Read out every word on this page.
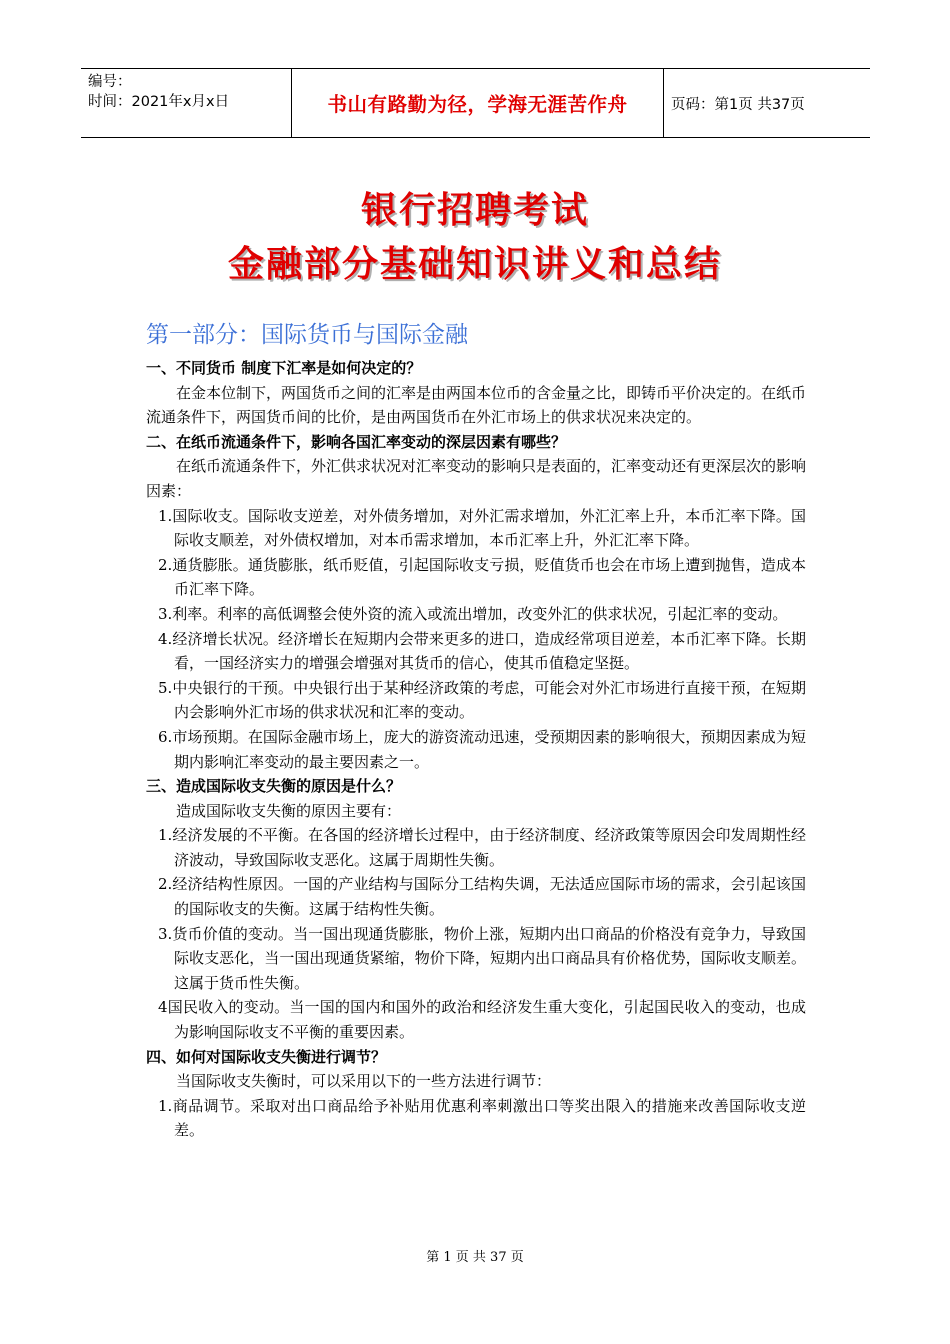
编号：
时间：2021年x月x日	书山有路勤为径，学海无涯苦作舟	页码：第1页 共37页
银行招聘考试
金融部分基础知识讲义和总结
第一部分：国际货币与国际金融

一、不同货币 制度下汇率是如何决定的？

在金本位制下，两国货币之间的汇率是由两国本位币的含金量之比，即铸币平价决定的。在纸币流通条件下，两国货币间的比价，是由两国货币在外汇市场上的供求状况来决定的。

二、在纸币流通条件下，影响各国汇率变动的深层因素有哪些？

在纸币流通条件下，外汇供求状况对汇率变动的影响只是表面的，汇率变动还有更深层次的影响因素：

1.国际收支。国际收支逆差，对外债务增加，对外汇需求增加，外汇汇率上升，本币汇率下降。国际收支顺差，对外债权增加，对本币需求增加，本币汇率上升，外汇汇率下降。

2.通货膨胀。通货膨胀，纸币贬值，引起国际收支亏损，贬值货币也会在市场上遭到抛售，造成本币汇率下降。

3.利率。利率的高低调整会使外资的流入或流出增加，改变外汇的供求状况，引起汇率的变动。

4.经济增长状况。经济增长在短期内会带来更多的进口，造成经常项目逆差，本币汇率下降。长期看，一国经济实力的增强会增强对其货币的信心，使其币值稳定坚挺。

5.中央银行的干预。中央银行出于某种经济政策的考虑，可能会对外汇市场进行直接干预，在短期内会影响外汇市场的供求状况和汇率的变动。

6.市场预期。在国际金融市场上，庞大的游资流动迅速，受预期因素的影响很大，预期因素成为短期内影响汇率变动的最主要因素之一。

三、造成国际收支失衡的原因是什么？

造成国际收支失衡的原因主要有：

1.经济发展的不平衡。在各国的经济增长过程中，由于经济制度、经济政策等原因会印发周期性经济波动，导致国际收支恶化。这属于周期性失衡。

2.经济结构性原因。一国的产业结构与国际分工结构失调，无法适应国际市场的需求，会引起该国的国际收支的失衡。这属于结构性失衡。

3.货币价值的变动。当一国出现通货膨胀，物价上涨，短期内出口商品的价格没有竞争力，导致国际收支恶化，当一国出现通货紧缩，物价下降，短期内出口商品具有价格优势，国际收支顺差。这属于货币性失衡。

4国民收入的变动。当一国的国内和国外的政治和经济发生重大变化，引起国民收入的变动，也成为影响国际收支不平衡的重要因素。

四、如何对国际收支失衡进行调节？

当国际收支失衡时，可以采用以下的一些方法进行调节：

1.商品调节。采取对出口商品给予补贴用优惠利率刺激出口等奖出限入的措施来改善国际收支逆差。

第 1 页 共 37 页
